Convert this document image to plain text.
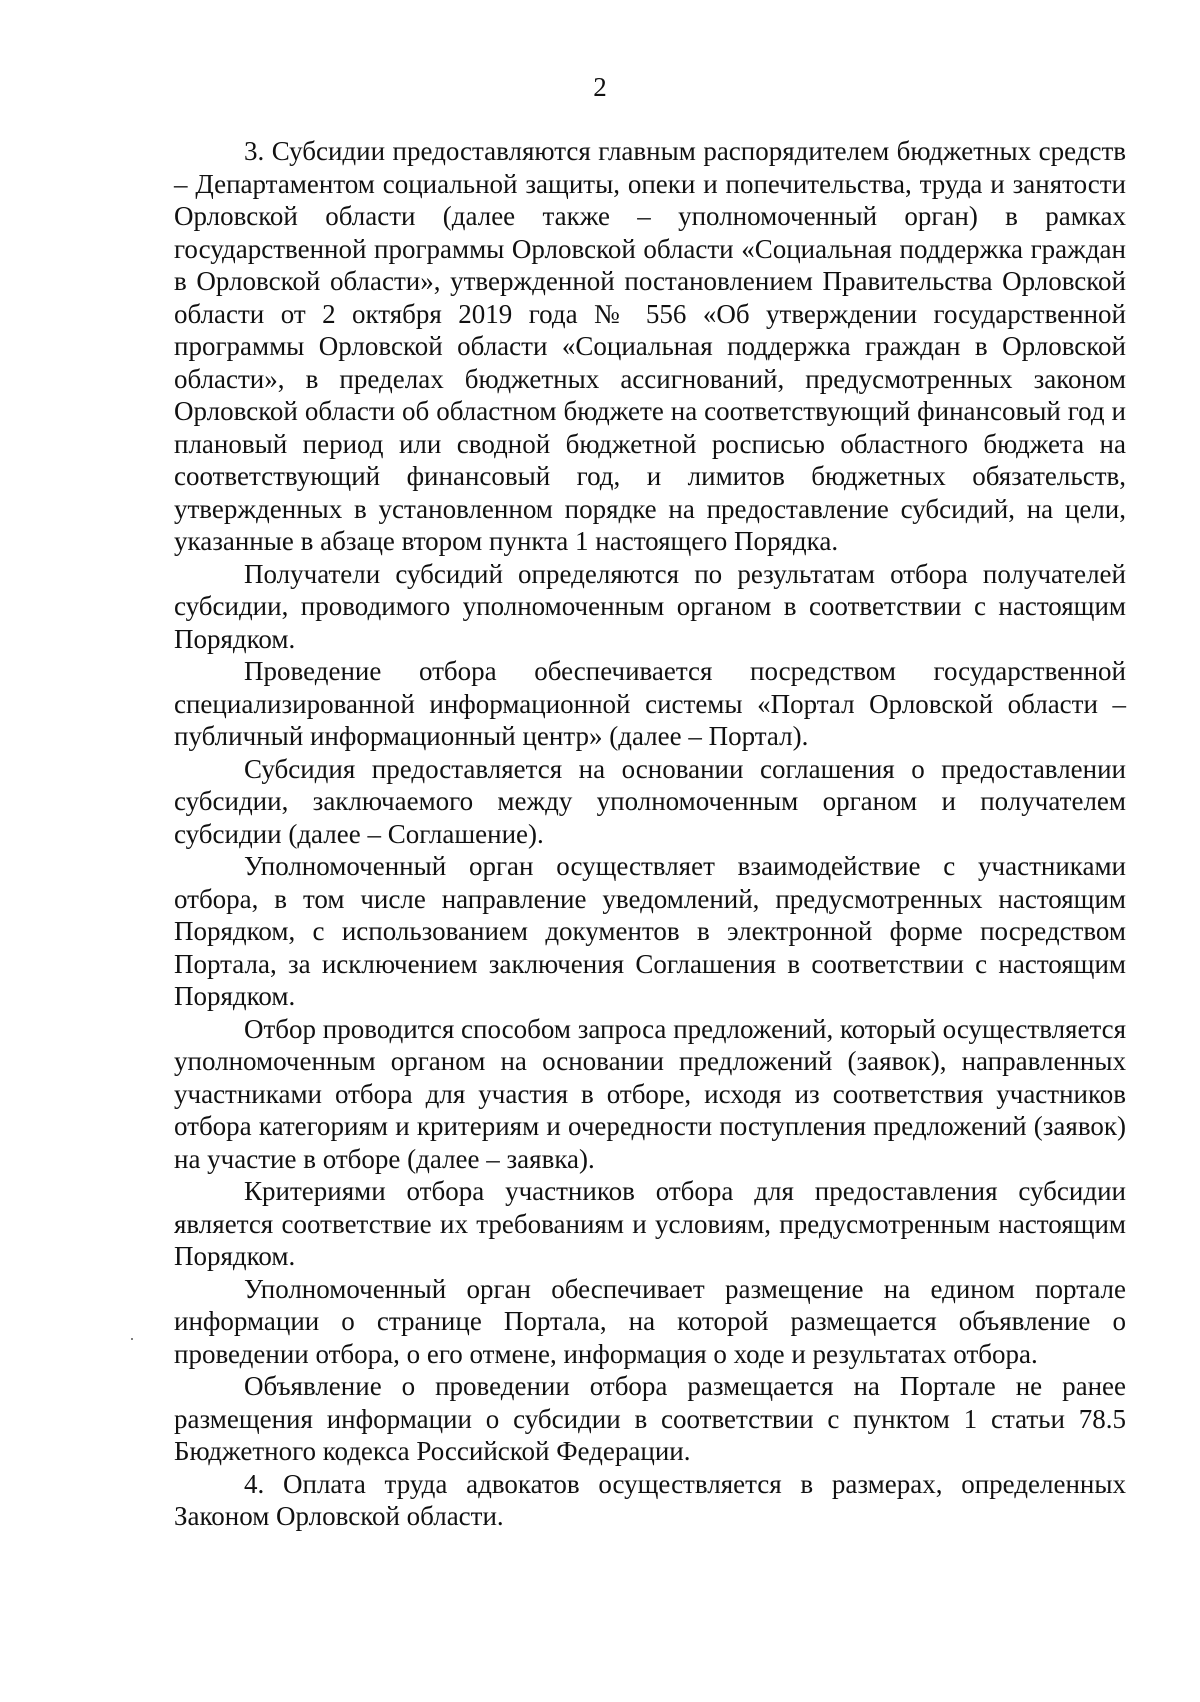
2

3. Субсидии предоставляются главным распорядителем бюджетных средств – Департаментом социальной защиты, опеки и попечительства, труда и занятости Орловской области (далее также – уполномоченный орган) в рамках государственной программы Орловской области «Социальная поддержка граждан в Орловской области», утвержденной постановлением Правительства Орловской области от 2 октября 2019 года № 556 «Об утверждении государственной программы Орловской области «Социальная поддержка граждан в Орловской области», в пределах бюджетных ассигнований, предусмотренных законом Орловской области об областном бюджете на соответствующий финансовый год и плановый период или сводной бюджетной росписью областного бюджета на соответствующий финансовый год, и лимитов бюджетных обязательств, утвержденных в установленном порядке на предоставление субсидий, на цели, указанные в абзаце втором пункта 1 настоящего Порядка.

Получатели субсидий определяются по результатам отбора получателей субсидии, проводимого уполномоченным органом в соответствии с настоящим Порядком.

Проведение отбора обеспечивается посредством государственной специализированной информационной системы «Портал Орловской области – публичный информационный центр» (далее – Портал).

Субсидия предоставляется на основании соглашения о предоставлении субсидии, заключаемого между уполномоченным органом и получателем субсидии (далее – Соглашение).

Уполномоченный орган осуществляет взаимодействие с участниками отбора, в том числе направление уведомлений, предусмотренных настоящим Порядком, с использованием документов в электронной форме посредством Портала, за исключением заключения Соглашения в соответствии с настоящим Порядком.

Отбор проводится способом запроса предложений, который осуществляется уполномоченным органом на основании предложений (заявок), направленных участниками отбора для участия в отборе, исходя из соответствия участников отбора категориям и критериям и очередности поступления предложений (заявок) на участие в отборе (далее – заявка).

Критериями отбора участников отбора для предоставления субсидии является соответствие их требованиям и условиям, предусмотренным настоящим Порядком.

Уполномоченный орган обеспечивает размещение на едином портале информации о странице Портала, на которой размещается объявление о проведении отбора, о его отмене, информация о ходе и результатах отбора.

Объявление о проведении отбора размещается на Портале не ранее размещения информации о субсидии в соответствии с пунктом 1 статьи 78.5 Бюджетного кодекса Российской Федерации.

4. Оплата труда адвокатов осуществляется в размерах, определенных Законом Орловской области.
